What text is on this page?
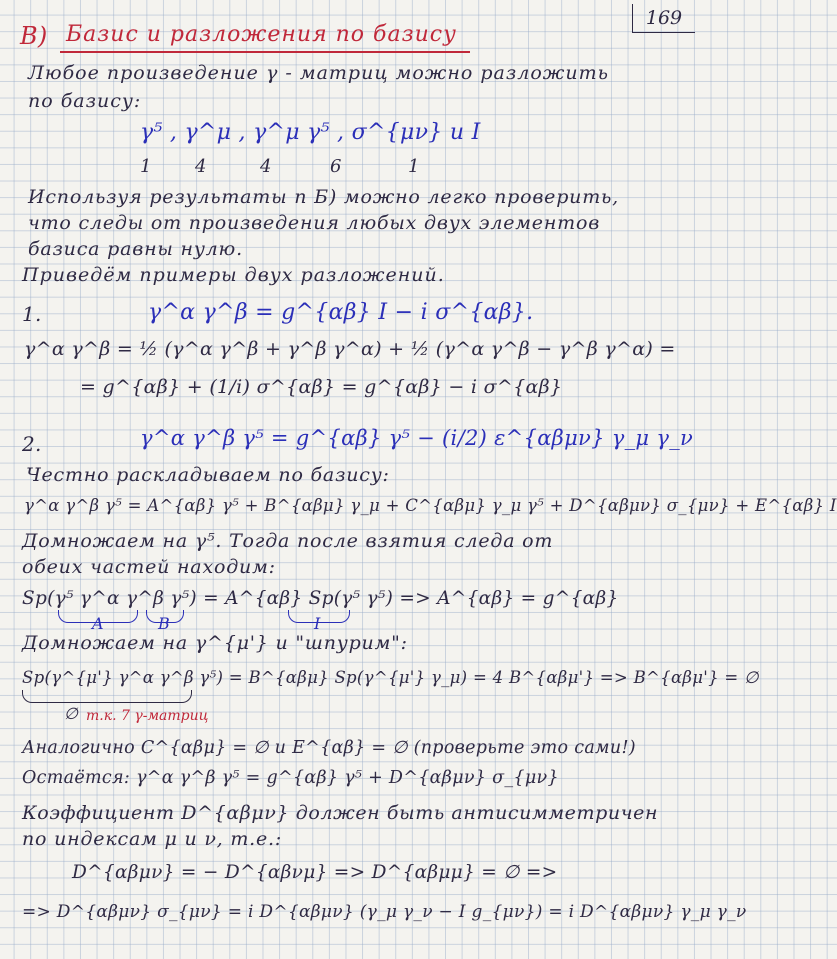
169
В) Базис и разложения по базису
Любое произведение γ - матриц можно разложить
по базису:
γ⁵ , γ^μ , γ^μ γ⁵ , σ^{μν} и I
1 4	4	6	1
Используя результаты п Б) можно легко проверить,
что следы от произведения любых двух элементов
базиса равны нулю.
Приведём примеры двух разложений.
1.	γ^α γ^β = g^{αβ} I − i σ^{αβ}.
γ^α γ^β = ½ (γ^α γ^β + γ^β γ^α) + ½ (γ^α γ^β − γ^β γ^α) =
= g^{αβ} + (1/i) σ^{αβ} = g^{αβ} − i σ^{αβ}
2.	γ^α γ^β γ⁵ = g^{αβ} γ⁵ − (i/2) ε^{αβμν} γ_μ γ_ν
Честно раскладываем по базису:
γ^α γ^β γ⁵ = A^{αβ} γ⁵ + B^{αβμ} γ_μ + C^{αβμ} γ_μ γ⁵ + D^{αβμν} σ_{μν} + E^{αβ} I
Домножаем на γ⁵. Тогда после взятия следа от
обеих частей находим:
Sp(γ⁵ γ^α γ^β γ⁵) = A^{αβ} Sp(γ⁵ γ⁵) => A^{αβ} = g^{αβ}
A	B	I
Домножаем на γ^{μ'} и "шпурим":
Sp(γ^{μ'} γ^α γ^β γ⁵) = B^{αβμ} Sp(γ^{μ'} γ_μ) = 4 B^{αβμ'} => B^{αβμ'} = ∅
∅ т.к. 7 γ-матриц
Аналогично C^{αβμ} = ∅ и E^{αβ} = ∅ (проверьте это сами!)
Остаётся: γ^α γ^β γ⁵ = g^{αβ} γ⁵ + D^{αβμν} σ_{μν}
Коэффициент D^{αβμν} должен быть антисимметричен
по индексам μ и ν, т.е.:
D^{αβμν} = − D^{αβνμ} => D^{αβμμ} = ∅ =>
=> D^{αβμν} σ_{μν} = i D^{αβμν} (γ_μ γ_ν − I g_{μν}) = i D^{αβμν} γ_μ γ_ν
